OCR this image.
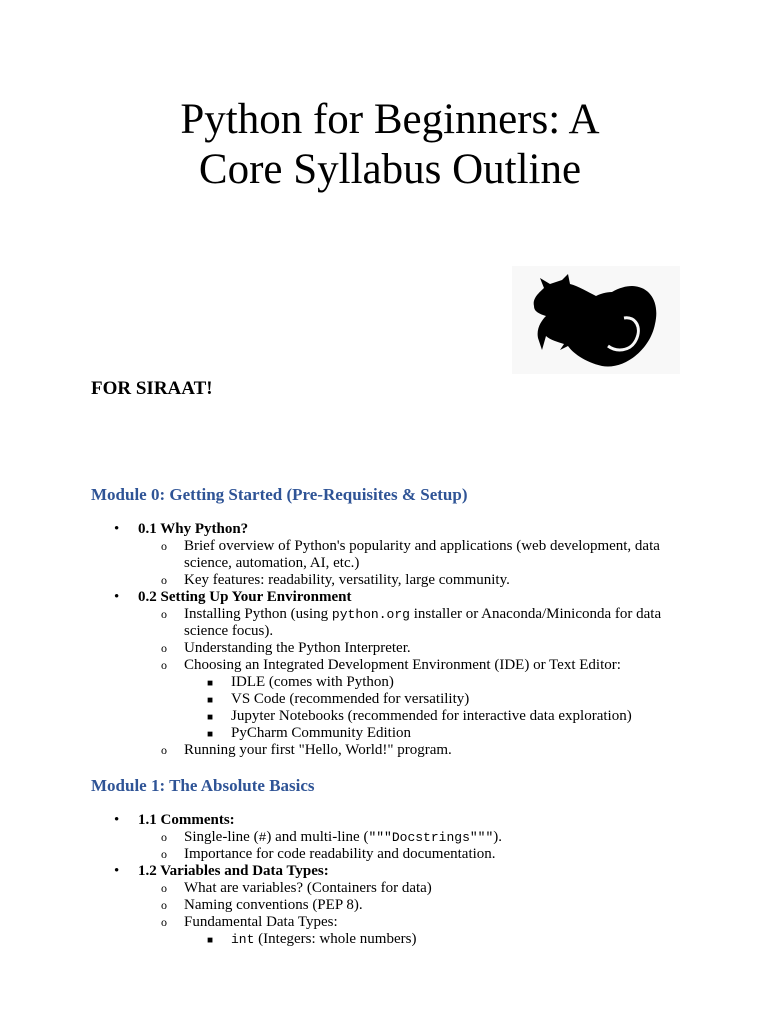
Python for Beginners: A
Core Syllabus Outline
FOR SIRAAT!
Module 0: Getting Started (Pre-Requisites & Setup)
• 0.1 Why Python?
o Brief overview of Python's popularity and applications (web development, data science, automation, AI, etc.)
o Key features: readability, versatility, large community.
• 0.2 Setting Up Your Environment
o Installing Python (using python.org installer or Anaconda/Miniconda for data science focus).
o Understanding the Python Interpreter.
o Choosing an Integrated Development Environment (IDE) or Text Editor:
■ IDLE (comes with Python)
■ VS Code (recommended for versatility)
■ Jupyter Notebooks (recommended for interactive data exploration)
■ PyCharm Community Edition
o Running your first "Hello, World!" program.
Module 1: The Absolute Basics
• 1.1 Comments:
o Single-line (#) and multi-line ("""Docstrings""").
o Importance for code readability and documentation.
• 1.2 Variables and Data Types:
o What are variables? (Containers for data)
o Naming conventions (PEP 8).
o Fundamental Data Types:
■ int (Integers: whole numbers)
